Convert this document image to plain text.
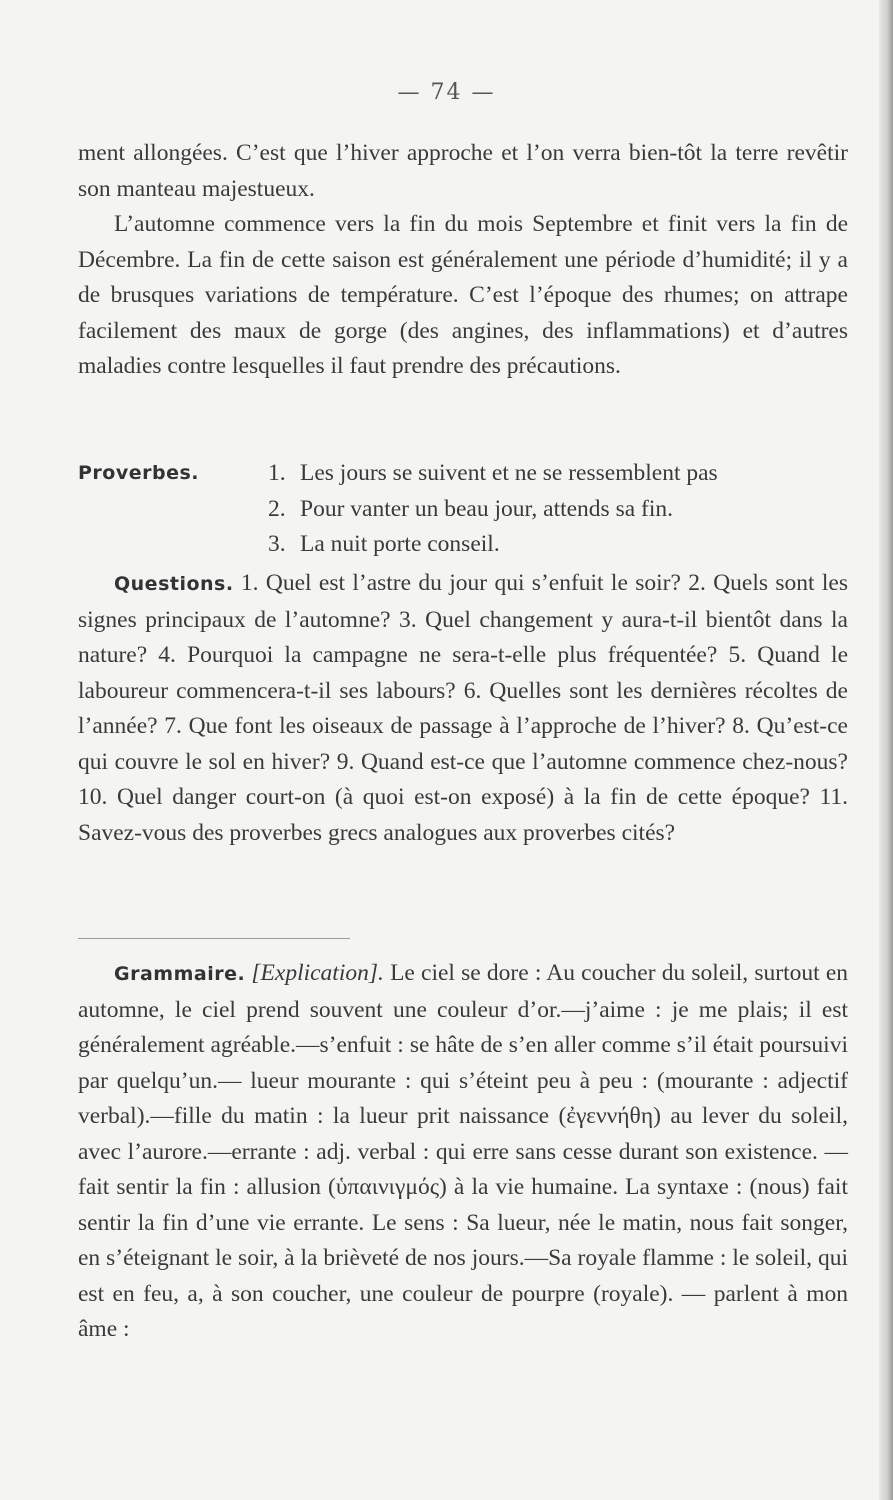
— 74 —

ment allongées. C’est que l’hiver approche et l’on verra bien-tôt la terre revêtir son manteau majestueux.

L’automne commence vers la fin du mois Septembre et finit vers la fin de Décembre. La fin de cette saison est généralement une période d’humidité; il y a de brusques variations de température. C’est l’époque des rhumes; on attrape facilement des maux de gorge (des angines, des inflammations) et d’autres maladies contre lesquelles il faut prendre des précautions.

Proverbes.	1. Les jours se suivent et ne se ressemblent pas
2. Pour vanter un beau jour, attends sa fin.
3. La nuit porte conseil.

Questions. 1. Quel est l’astre du jour qui s’enfuit le soir? 2. Quels sont les signes principaux de l’automne? 3. Quel changement y aura-t-il bientôt dans la nature? 4. Pourquoi la campagne ne sera-t-elle plus fréquentée? 5. Quand le laboureur commencera-t-il ses labours? 6. Quelles sont les dernières récoltes de l’année? 7. Que font les oiseaux de passage à l’approche de l’hiver? 8. Qu’est-ce qui couvre le sol en hiver? 9. Quand est-ce que l’automne commence chez-nous? 10. Quel danger court-on (à quoi est-on exposé) à la fin de cette époque? 11. Savez-vous des proverbes grecs analogues aux proverbes cités?

Grammaire. [Explication]. Le ciel se dore : Au coucher du soleil, surtout en automne, le ciel prend souvent une couleur d’or.—j’aime : je me plais; il est généralement agréable.—s’enfuit : se hâte de s’en aller comme s’il était poursuivi par quelqu’un.— lueur mourante : qui s’éteint peu à peu : (mourante : adjectif verbal).—fille du matin : la lueur prit naissance (ἐγεννήθη) au lever du soleil, avec l’aurore.—errante : adj. verbal : qui erre sans cesse durant son existence. — fait sentir la fin : allusion (ὑπαινιγμός) à la vie humaine. La syntaxe : (nous) fait sentir la fin d’une vie errante. Le sens : Sa lueur, née le matin, nous fait songer, en s’éteignant le soir, à la brièveté de nos jours.—Sa royale flamme : le soleil, qui est en feu, a, à son coucher, une couleur de pourpre (royale). — parlent à mon âme :
